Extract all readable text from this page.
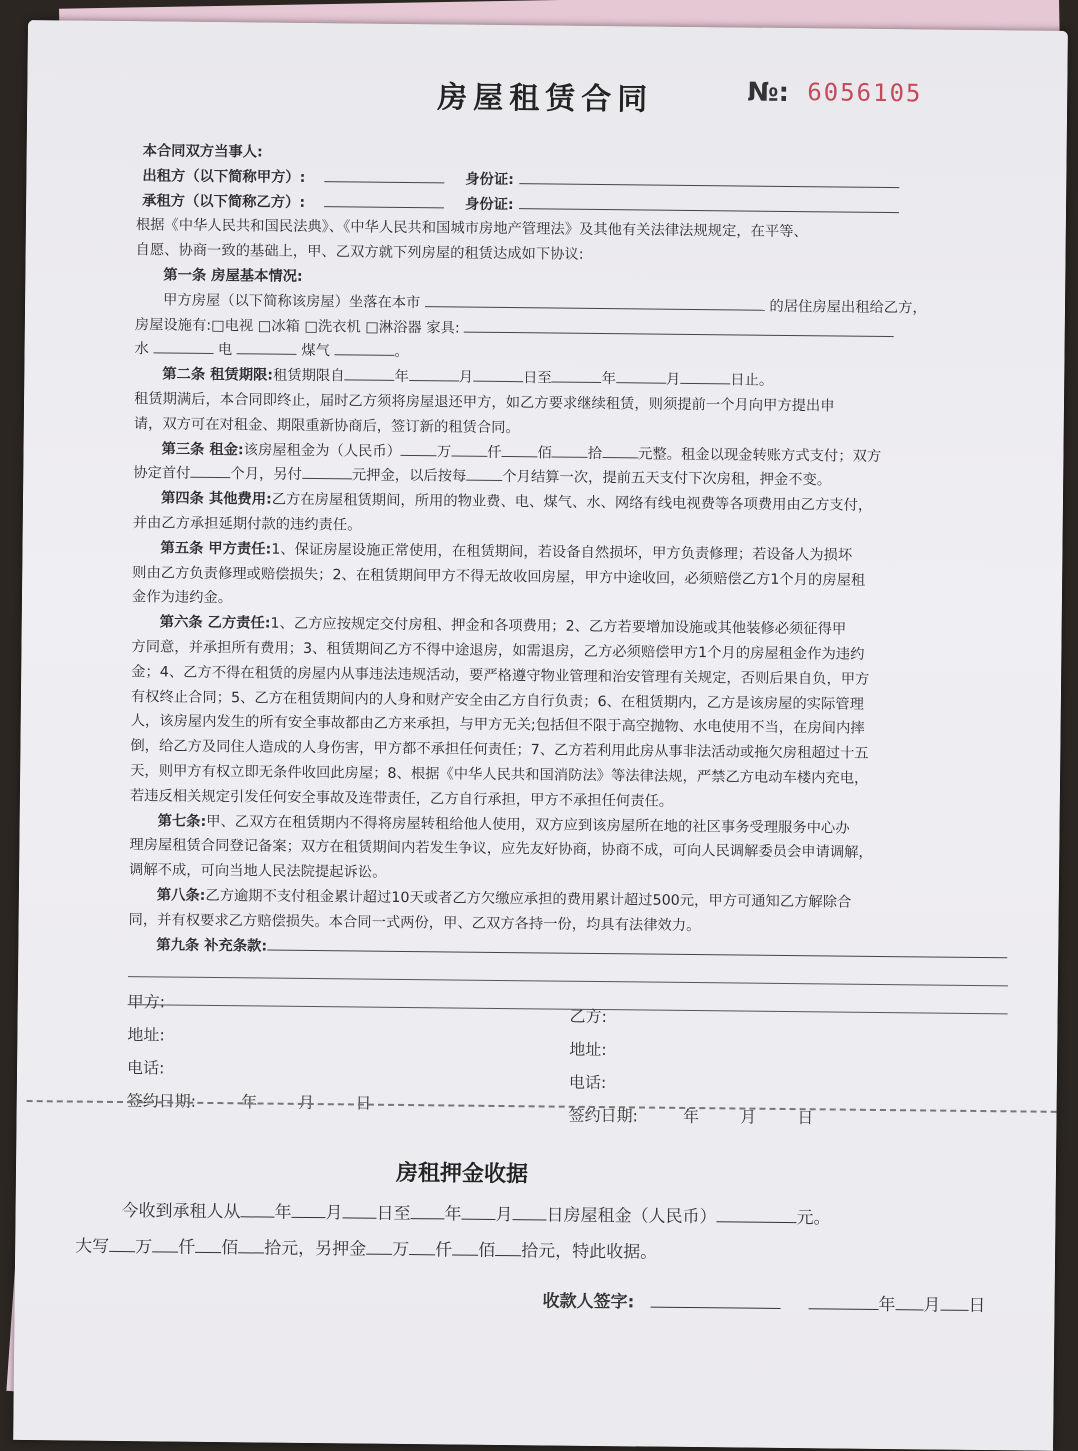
房屋租赁合同	№: 6056105

本合同双方当事人:

出租方（以下简称甲方）:	身份证:

承租方（以下简称乙方）:	身份证:

根据《中华人民共和国民法典》、《中华人民共和国城市房地产管理法》及其他有关法律法规规定，在平等、

自愿、协商一致的基础上，甲、乙双方就下列房屋的租赁达成如下协议:

第一条 房屋基本情况:

甲方房屋（以下简称该房屋）坐落在本市	的居住房屋出租给乙方，

房屋设施有:□电视 □冰箱 □洗衣机 □淋浴器 家具:

水	电	煤气	。

第二条 租赁期限:租赁期限自	年	月	日至	年	月	日止。

租赁期满后，本合同即终止，届时乙方须将房屋退还甲方，如乙方要求继续租赁，则须提前一个月向甲方提出申

请，双方可在对租金、期限重新协商后，签订新的租赁合同。

第三条 租金:该房屋租金为（人民币）	万	仟	佰	拾	元整。租金以现金转账方式支付；双方

协定首付	个月，另付	元押金，以后按每	个月结算一次，提前五天支付下次房租，押金不变。

第四条 其他费用:乙方在房屋租赁期间，所用的物业费、电、煤气、水、网络有线电视费等各项费用由乙方支付，

并由乙方承担延期付款的违约责任。

第五条 甲方责任:1、保证房屋设施正常使用，在租赁期间，若设备自然损坏，甲方负责修理；若设备人为损坏

则由乙方负责修理或赔偿损失；2、在租赁期间甲方不得无故收回房屋，甲方中途收回，必须赔偿乙方1个月的房屋租

金作为违约金。

第六条 乙方责任:1、乙方应按规定交付房租、押金和各项费用；2、乙方若要增加设施或其他装修必须征得甲

方同意，并承担所有费用；3、租赁期间乙方不得中途退房，如需退房，乙方必须赔偿甲方1个月的房屋租金作为违约

金；4、乙方不得在租赁的房屋内从事违法违规活动，要严格遵守物业管理和治安管理有关规定，否则后果自负，甲方

有权终止合同；5、乙方在租赁期间内的人身和财产安全由乙方自行负责；6、在租赁期内，乙方是该房屋的实际管理

人，该房屋内发生的所有安全事故都由乙方来承担，与甲方无关;包括但不限于高空抛物、水电使用不当，在房间内摔

倒，给乙方及同住人造成的人身伤害，甲方都不承担任何责任；7、乙方若利用此房从事非法活动或拖欠房租超过十五

天，则甲方有权立即无条件收回此房屋；8、根据《中华人民共和国消防法》等法律法规，严禁乙方电动车楼内充电，

若违反相关规定引发任何安全事故及连带责任，乙方自行承担，甲方不承担任何责任。

第七条:甲、乙双方在租赁期内不得将房屋转租给他人使用，双方应到该房屋所在地的社区事务受理服务中心办

理房屋租赁合同登记备案；双方在租赁期间内若发生争议，应先友好协商，协商不成，可向人民调解委员会申请调解，

调解不成，可向当地人民法院提起诉讼。

第八条:乙方逾期不支付租金累计超过10天或者乙方欠缴应承担的费用累计超过500元，甲方可通知乙方解除合

同，并有权要求乙方赔偿损失。本合同一式两份，甲、乙双方各持一份，均具有法律效力。

第九条 补充条款:

甲方:
地址:
电话:
签约日期:	年	月	日
乙方:
地址:
电话:
签约日期:	年	月	日
房租押金收据

今收到承租人从 年 月 日至 年 月 日房屋租金（人民币）	元。

大写 万 仟 佰 拾元，另押金 万 仟 佰 拾元，特此收据。

收款人签字:	年 月 日
